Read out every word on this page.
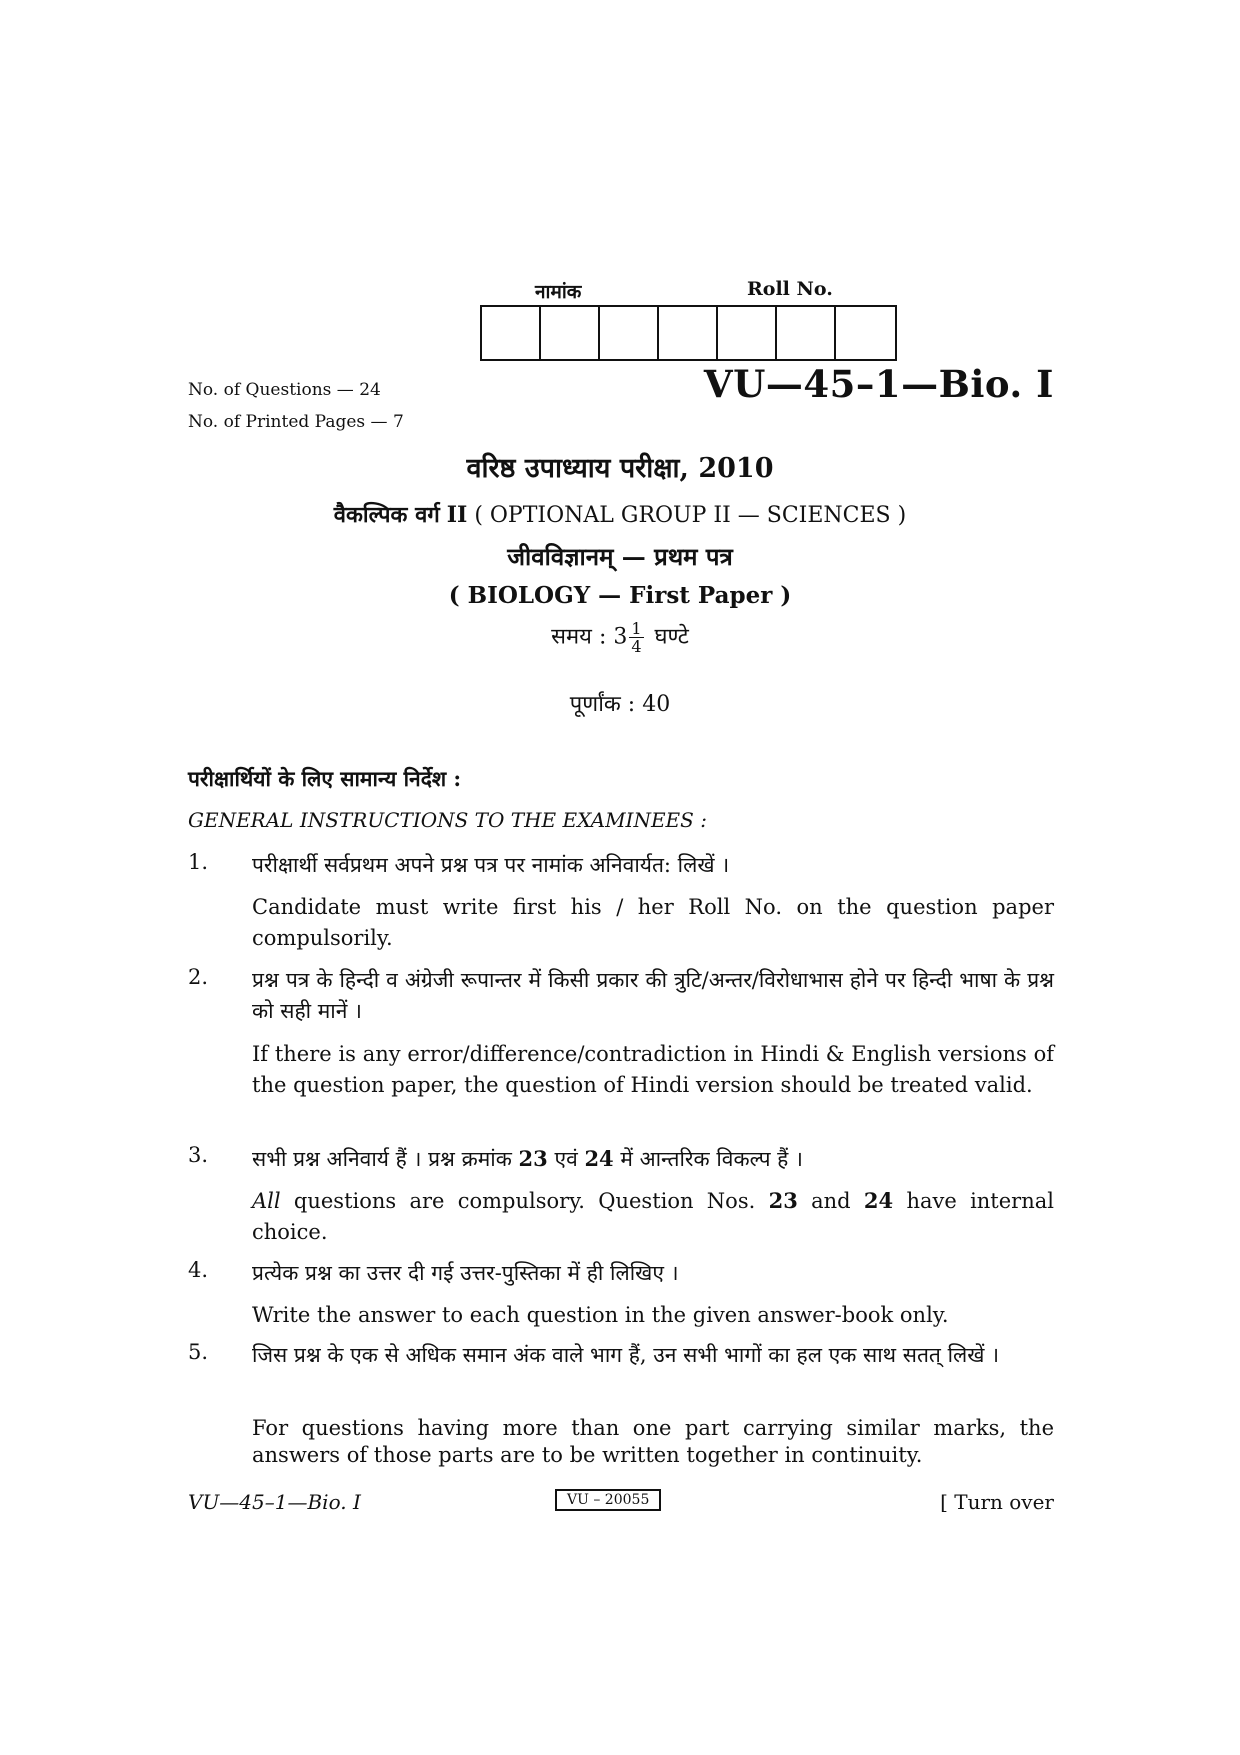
नामांक	Roll No.
No. of Questions — 24
No. of Printed Pages — 7
VU—45–1—Bio. I
वरिष्ठ उपाध्याय परीक्षा, 2010
वैकल्पिक वर्ग II ( OPTIONAL GROUP II — SCIENCES )
जीवविज्ञानम् — प्रथम पत्र
( BIOLOGY — First Paper )
समय : $3 \frac{1}{4}$ घण्टे
पूर्णांक : 40
परीक्षार्थियों के लिए सामान्य निर्देश :
GENERAL INSTRUCTIONS TO THE EXAMINEES :
1.	परीक्षार्थी सर्वप्रथम अपने प्रश्न पत्र पर नामांक अनिवार्यत: लिखें ।
Candidate must write first his / her Roll No. on the question paper compulsorily.
2.	प्रश्न पत्र के हिन्दी व अंग्रेजी रूपान्तर में किसी प्रकार की त्रुटि/अन्तर/विरोधाभास होने पर हिन्दी भाषा के प्रश्न को सही मानें ।
If there is any error/difference/contradiction in Hindi & English versions of the question paper, the question of Hindi version should be treated valid.
3.	सभी प्रश्न अनिवार्य हैं । प्रश्न क्रमांक 23 एवं 24 में आन्तरिक विकल्प हैं ।
All questions are compulsory. Question Nos. 23 and 24 have internal choice.
4.	प्रत्येक प्रश्न का उत्तर दी गई उत्तर-पुस्तिका में ही लिखिए ।
Write the answer to each question in the given answer-book only.
5.	जिस प्रश्न के एक से अधिक समान अंक वाले भाग हैं, उन सभी भागों का हल एक साथ सतत् लिखें ।
For questions having more than one part carrying similar marks, the answers of those parts are to be written together in continuity.
VU—45–1—Bio. I	VU – 20055	[ Turn over
